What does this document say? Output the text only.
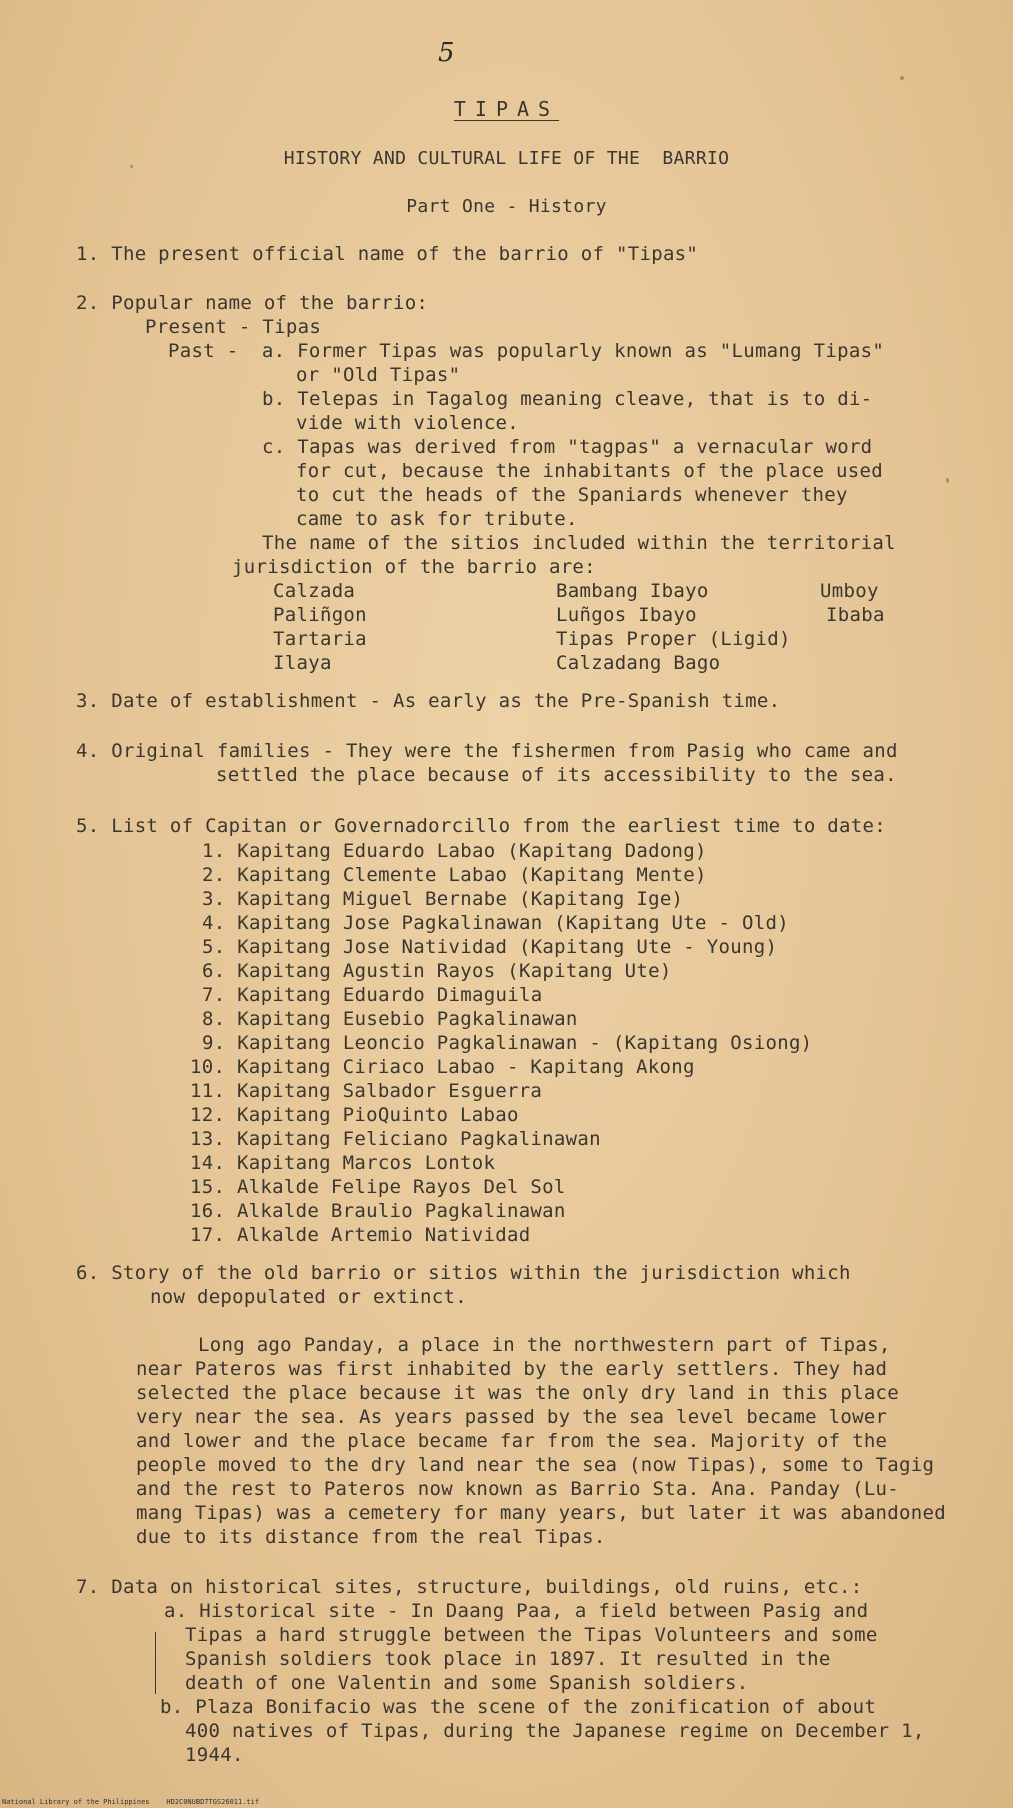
5
TIPAS
HISTORY AND CULTURAL LIFE OF THE  BARRIO
Part One - History
1. The present official name of the barrio of "Tipas"
2. Popular name of the barrio:
Present - Tipas
Past -  a. Former Tipas was popularly known as "Lumang Tipas"
or "Old Tipas"
b. Telepas in Tagalog meaning cleave, that is to di-
vide with violence.
c. Tapas was derived from "tagpas" a vernacular word
for cut, because the inhabitants of the place used
to cut the heads of the Spaniards whenever they
came to ask for tribute.
The name of the sitios included within the territorial
jurisdiction of the barrio are:
Calzada
Paliñgon
Tartaria
Ilaya
Bambang Ibayo
Luñgos Ibayo
Tipas Proper (Ligid)
Calzadang Bago
Umboy
Ibaba
3. Date of establishment - As early as the Pre-Spanish time.
4. Original families - They were the fishermen from Pasig who came and
settled the place because of its accessibility to the sea.
5. List of Capitan or Governadorcillo from the earliest time to date:
1. Kapitang Eduardo Labao (Kapitang Dadong)
2. Kapitang Clemente Labao (Kapitang Mente)
3. Kapitang Miguel Bernabe (Kapitang Ige)
4. Kapitang Jose Pagkalinawan (Kapitang Ute - Old)
5. Kapitang Jose Natividad (Kapitang Ute - Young)
6. Kapitang Agustin Rayos (Kapitang Ute)
7. Kapitang Eduardo Dimaguila
8. Kapitang Eusebio Pagkalinawan
9. Kapitang Leoncio Pagkalinawan - (Kapitang Osiong)
10. Kapitang Ciriaco Labao - Kapitang Akong
11. Kapitang Salbador Esguerra
12. Kapitang PioQuinto Labao
13. Kapitang Feliciano Pagkalinawan
14. Kapitang Marcos Lontok
15. Alkalde Felipe Rayos Del Sol
16. Alkalde Braulio Pagkalinawan
17. Alkalde Artemio Natividad
6. Story of the old barrio or sitios within the jurisdiction which
now depopulated or extinct.
Long ago Panday, a place in the northwestern part of Tipas,
near Pateros was first inhabited by the early settlers. They had
selected the place because it was the only dry land in this place
very near the sea. As years passed by the sea level became lower
and lower and the place became far from the sea. Majority of the
people moved to the dry land near the sea (now Tipas), some to Tagig
and the rest to Pateros now known as Barrio Sta. Ana. Panday (Lu-
mang Tipas) was a cemetery for many years, but later it was abandoned
due to its distance from the real Tipas.
7. Data on historical sites, structure, buildings, old ruins, etc.:
a. Historical site - In Daang Paa, a field between Pasig and
Tipas a hard struggle between the Tipas Volunteers and some
Spanish soldiers took place in 1897. It resulted in the
death of one Valentin and some Spanish soldiers.
b. Plaza Bonifacio was the scene of the zonification of about
400 natives of Tipas, during the Japanese regime on December 1,
1944.
National Library of the Philippines    HD2C0NUBD7TGS26011.tif
